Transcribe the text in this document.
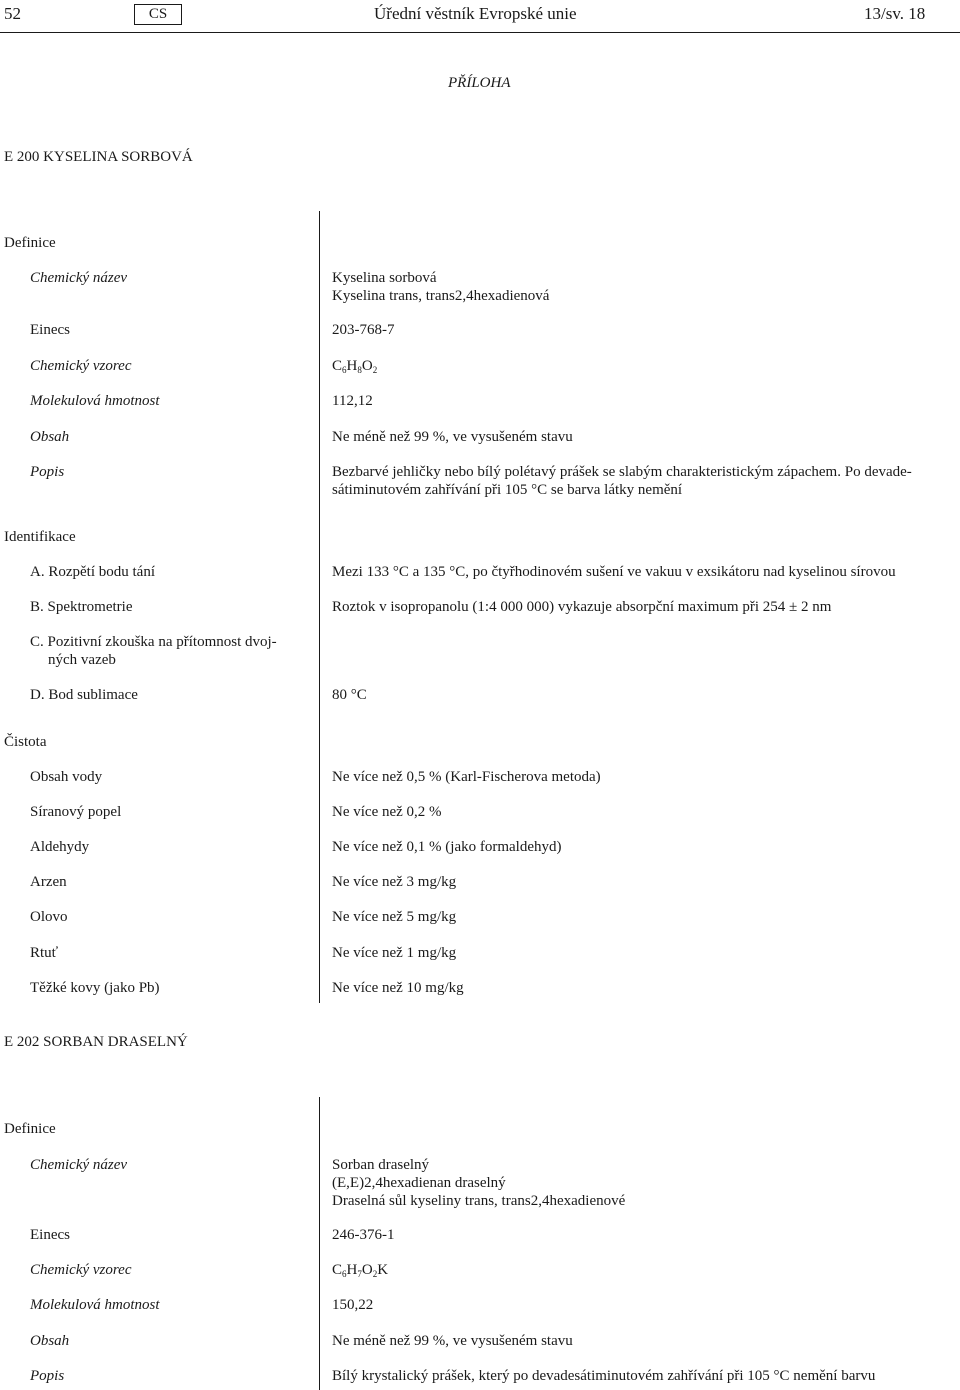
52	CS	Úřední věstník Evropské unie	13/sv. 18
PŘÍLOHA
E 200 KYSELINA SORBOVÁ
Definice
Chemický název	Kyselina sorbová
Kyselina trans, trans2,4hexadienová
Einecs	203-768-7
Chemický vzorec	$C_6H_8O_2$
Molekulová hmotnost	112,12
Obsah	Ne méně než 99 %, ve vysušeném stavu
Popis	Bezbarvé jehličky nebo bílý polétavý prášek se slabým charakteristickým zápachem. Po devade-
sátiminutovém zahřívání při 105 °C se barva látky nemění
Identifikace
A. Rozpětí bodu tání	Mezi 133 °C a 135 °C, po čtyřhodinovém sušení ve vakuu v exsikátoru nad kyselinou sírovou
B. Spektrometrie	Roztok v isopropanolu (1:4 000 000) vykazuje absorpční maximum při 254 ± 2 nm
C. Pozitivní zkouška na přítomnost dvoj-
ných vazeb
D. Bod sublimace	80 °C
Čistota
Obsah vody	Ne více než 0,5 % (Karl-Fischerova metoda)
Síranový popel	Ne více než 0,2 %
Aldehydy	Ne více než 0,1 % (jako formaldehyd)
Arzen	Ne více než 3 mg/kg
Olovo	Ne více než 5 mg/kg
Rtuť	Ne více než 1 mg/kg
Těžké kovy (jako Pb)	Ne více než 10 mg/kg
E 202 SORBAN DRASELNÝ
Definice
Chemický název	Sorban draselný
(E,E)2,4hexadienan draselný
Draselná sůl kyseliny trans, trans2,4hexadienové
Einecs	246-376-1
Chemický vzorec	$C_6H_7O_2K$
Molekulová hmotnost	150,22
Obsah	Ne méně než 99 %, ve vysušeném stavu
Popis	Bílý krystalický prášek, který po devadesátiminutovém zahřívání při 105 °C nemění barvu
